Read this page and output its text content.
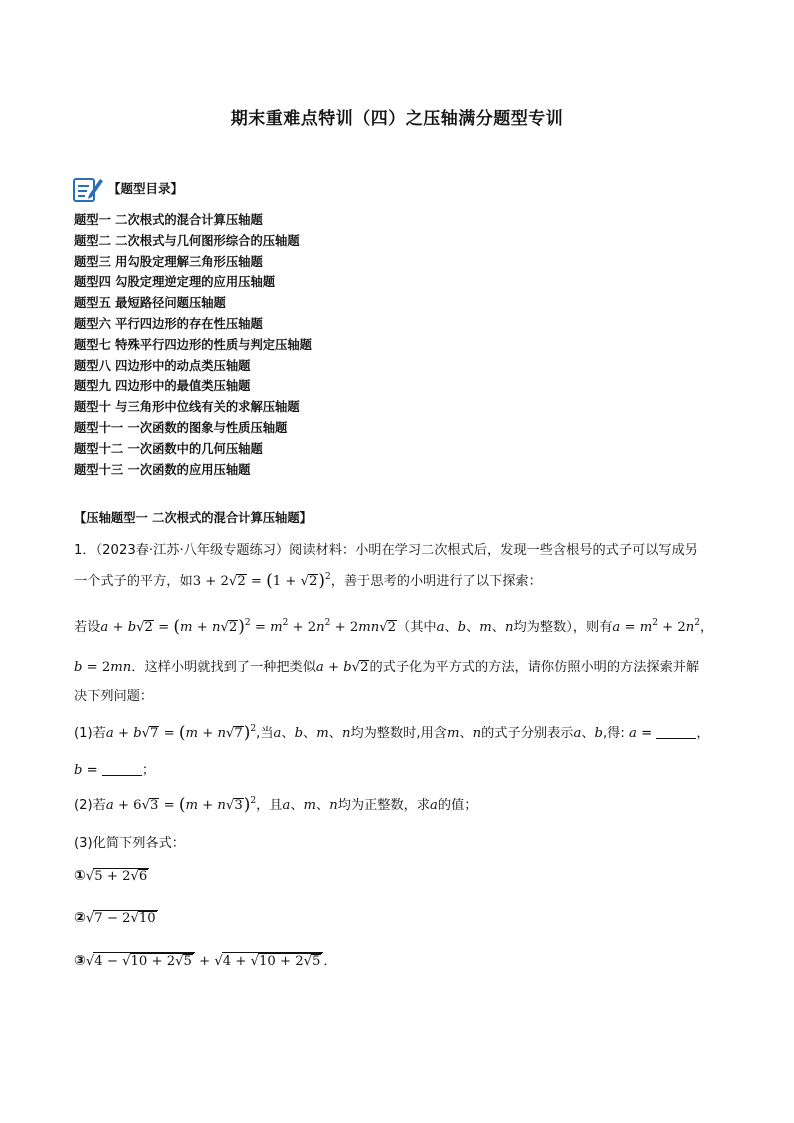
期末重难点特训（四）之压轴满分题型专训
【题型目录】
题型一 二次根式的混合计算压轴题
题型二 二次根式与几何图形综合的压轴题
题型三 用勾股定理解三角形压轴题
题型四 勾股定理逆定理的应用压轴题
题型五 最短路径问题压轴题
题型六 平行四边形的存在性压轴题
题型七 特殊平行四边形的性质与判定压轴题
题型八 四边形中的动点类压轴题
题型九 四边形中的最值类压轴题
题型十 与三角形中位线有关的求解压轴题
题型十一 一次函数的图象与性质压轴题
题型十二 一次函数中的几何压轴题
题型十三 一次函数的应用压轴题
【压轴题型一 二次根式的混合计算压轴题】
1．（2023春·江苏·八年级专题练习）阅读材料：小明在学习二次根式后，发现一些含根号的式子可以写成另
一个式子的平方，如$3 + 2√2 = (1 + √2)^2$，善于思考的小明进行了以下探索：
若设$a + b√2 = (m + n√2)^2 = m^2 + 2n^2 + 2mn√2$（其中a、b、m、n均为整数），则有$a = m^2 + 2n^2$，
b = 2mn．这样小明就找到了一种把类似a + b√2的式子化为平方式的方法，请你仿照小明的方法探索并解
决下列问题：
(1)若$a + b√7 = (m + n√7)^2$,当a、b、m、n均为整数时,用含m、n的式子分别表示a、b,得: a =	，
b =	；
(2)若$a + 6√3 = (m + n√3)^2$，且a、m、n均为正整数，求a的值；
(3)化简下列各式：
①√5 + 2√6
②√7 − 2√10
③√4 − √10 + 2√5 + √4 + √10 + 2√5 ．
